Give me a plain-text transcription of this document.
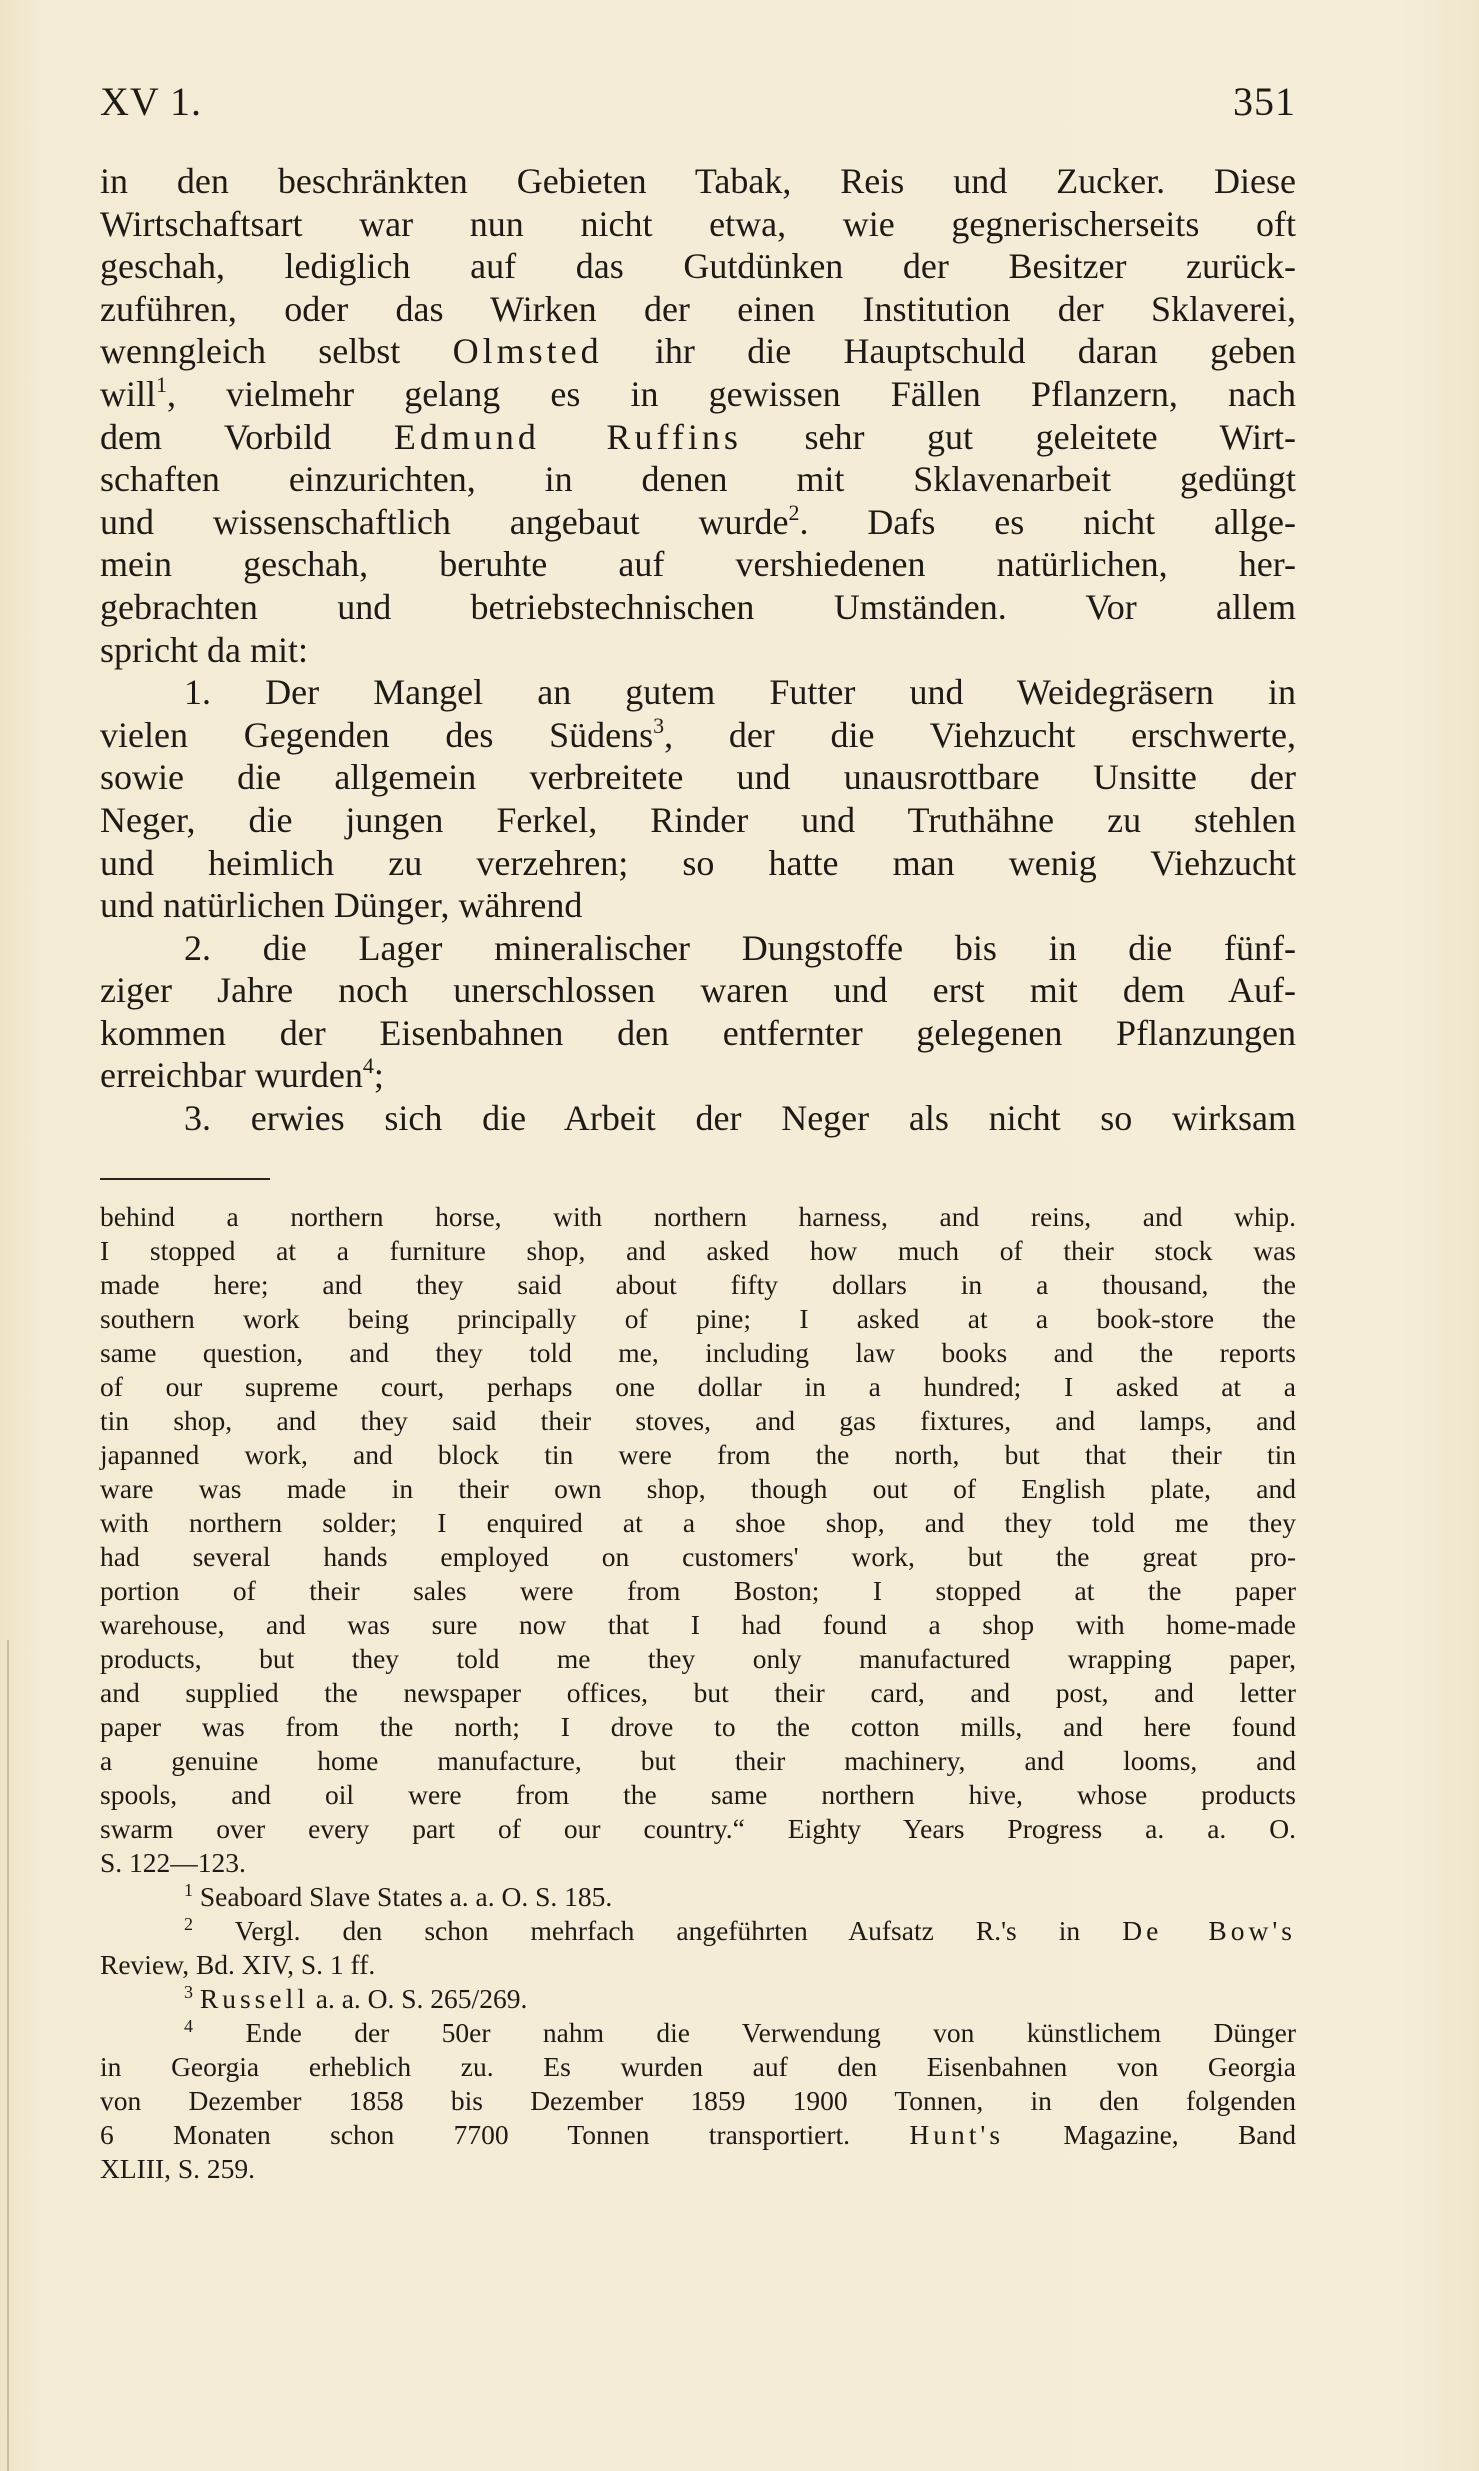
XV 1.	351
in den beschränkten Gebieten Tabak, Reis und Zucker. Diese
Wirtschaftsart war nun nicht etwa, wie gegnerischerseits oft
geschah, lediglich auf das Gutdünken der Besitzer zurück-
zuführen, oder das Wirken der einen Institution der Sklaverei,
wenngleich selbst Olmsted ihr die Hauptschuld daran geben
will$^1$, vielmehr gelang es in gewissen Fällen Pflanzern, nach
dem Vorbild Edmund Ruffins sehr gut geleitete Wirt-
schaften einzurichten, in denen mit Sklavenarbeit gedüngt
und wissenschaftlich angebaut wurde$^2$. Dafs es nicht allge-
mein geschah, beruhte auf vershiedenen natürlichen, her-
gebrachten und betriebstechnischen Umständen. Vor allem
spricht da mit:
1. Der Mangel an gutem Futter und Weidegräsern in
vielen Gegenden des Südens$^3$, der die Viehzucht erschwerte,
sowie die allgemein verbreitete und unausrottbare Unsitte der
Neger, die jungen Ferkel, Rinder und Truthähne zu stehlen
und heimlich zu verzehren; so hatte man wenig Viehzucht
und natürlichen Dünger, während
2. die Lager mineralischer Dungstoffe bis in die fünf-
ziger Jahre noch unerschlossen waren und erst mit dem Auf-
kommen der Eisenbahnen den entfernter gelegenen Pflanzungen
erreichbar wurden$^4$;
3. erwies sich die Arbeit der Neger als nicht so wirksam
behind a northern horse, with northern harness, and reins, and whip.
I stopped at a furniture shop, and asked how much of their stock was
made here; and they said about fifty dollars in a thousand, the
southern work being principally of pine; I asked at a book-store the
same question, and they told me, including law books and the reports
of our supreme court, perhaps one dollar in a hundred; I asked at a
tin shop, and they said their stoves, and gas fixtures, and lamps, and
japanned work, and block tin were from the north, but that their tin
ware was made in their own shop, though out of English plate, and
with northern solder; I enquired at a shoe shop, and they told me they
had several hands employed on customers' work, but the great pro-
portion of their sales were from Boston; I stopped at the paper
warehouse, and was sure now that I had found a shop with home-made
products, but they told me they only manufactured wrapping paper,
and supplied the newspaper offices, but their card, and post, and letter
paper was from the north; I drove to the cotton mills, and here found
a genuine home manufacture, but their machinery, and looms, and
spools, and oil were from the same northern hive, whose products
swarm over every part of our country.“ Eighty Years Progress a. a. O.
S. 122—123.
$^1$ Seaboard Slave States a. a. O. S. 185.
$^2$ Vergl. den schon mehrfach angeführten Aufsatz R.'s in De Bow's
Review, Bd. XIV, S. 1 ff.
$^3$ Russell a. a. O. S. 265/269.
$^4$ Ende der 50er nahm die Verwendung von künstlichem Dünger
in Georgia erheblich zu. Es wurden auf den Eisenbahnen von Georgia
von Dezember 1858 bis Dezember 1859 1900 Tonnen, in den folgenden
6 Monaten schon 7700 Tonnen transportiert. Hunt's Magazine, Band
XLIII, S. 259.
